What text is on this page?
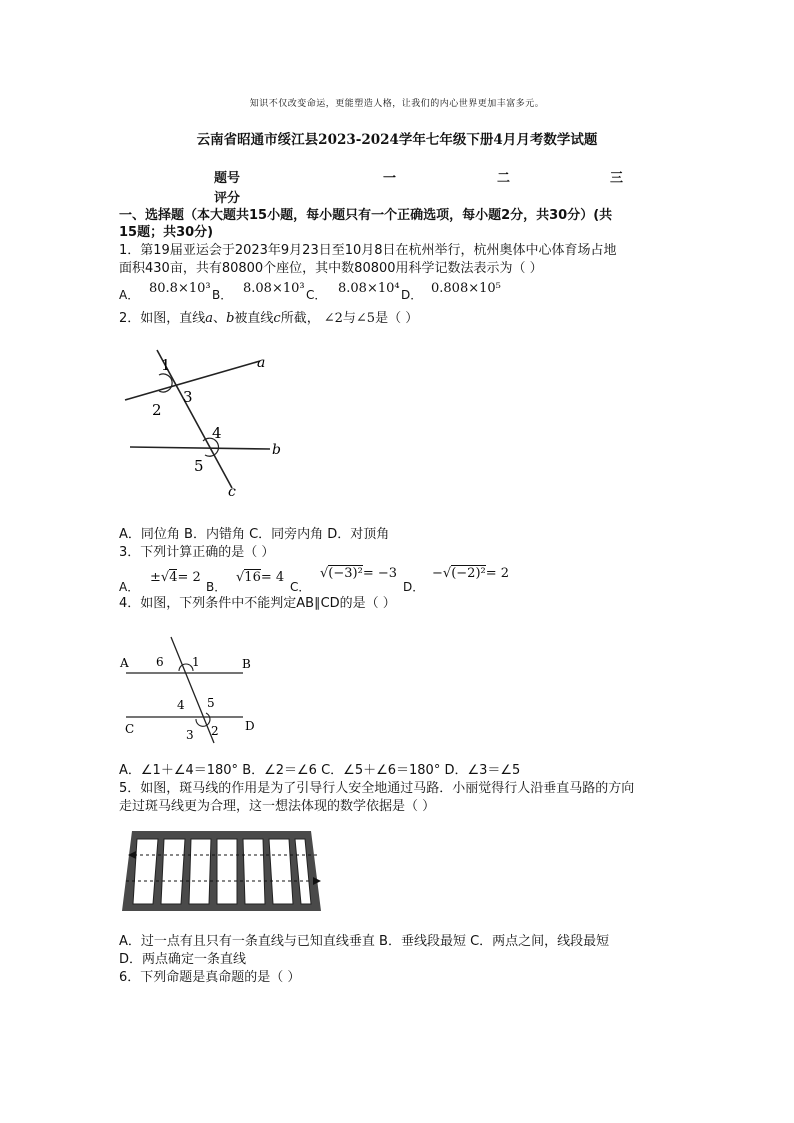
知识不仅改变命运，更能塑造人格，让我们的内心世界更加丰富多元。
云南省昭通市绥江县2023-2024学年七年级下册4月月考数学试题
题号	一	二	三
评分
一、选择题（本大题共15小题，每小题只有一个正确选项，每小题2分，共30分）(共
15题；共30分)
1．第19届亚运会于2023年9月23日至10月8日在杭州举行，杭州奥体中心体育场占地
面积430亩，共有80800个座位，其中数80800用科学记数法表示为（ ）
A． 80.8×10³ B． 8.08×10³ C． 8.08×10⁴ D． 0.808×10⁵
2．如图，直线a、b被直线c所截， ∠2与∠5是（ ）
1
3
2
4
5
a
b
c
A．同位角 B．内错角 C．同旁内角 D．对顶角
3．下列计算正确的是（ ）
A．
±√4= 2
B．
√16= 4
C．
√(−3)²= −3
D．
−√(−2)²= 2
4．如图，下列条件中不能判定AB∥CD的是（ ）
A 6 1	B
4 5
C	D
3 2
A．∠1＋∠4＝180° B．∠2＝∠6 C．∠5＋∠6＝180° D．∠3＝∠5
5．如图，斑马线的作用是为了引导行人安全地通过马路．小丽觉得行人沿垂直马路的方向
走过斑马线更为合理，这一想法体现的数学依据是（ ）
A．过一点有且只有一条直线与已知直线垂直 B．垂线段最短 C．两点之间，线段最短
D．两点确定一条直线
6．下列命题是真命题的是（ ）
